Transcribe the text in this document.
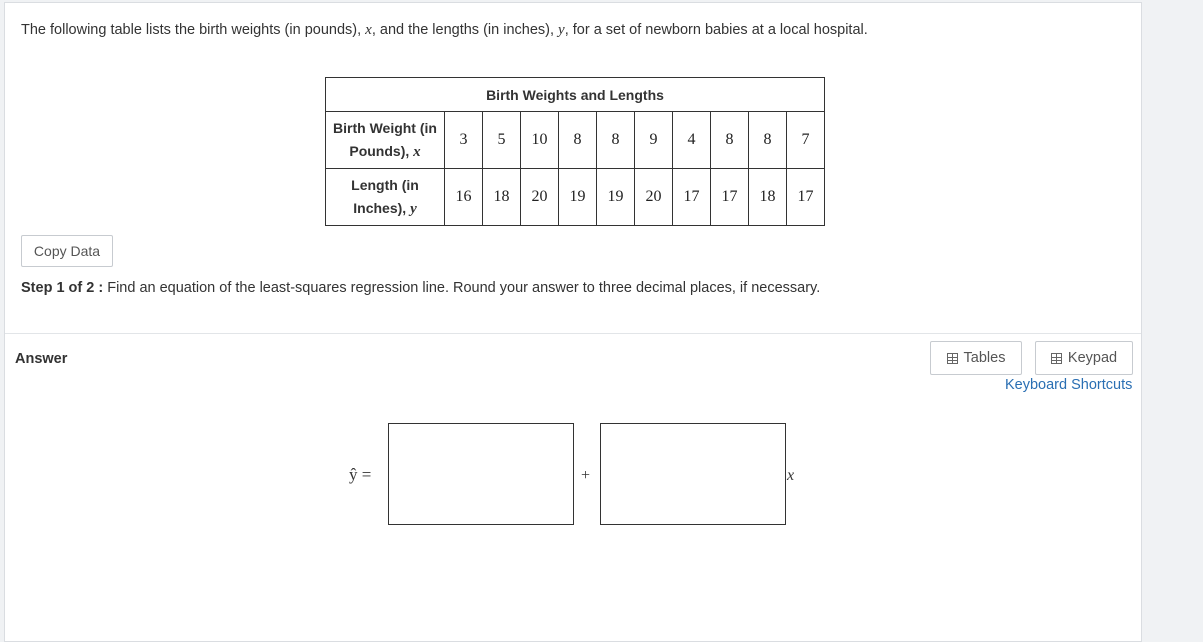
The following table lists the birth weights (in pounds), x, and the lengths (in inches), y, for a set of newborn babies at a local hospital.
Birth Weights and Lengths										
Birth Weight (in Pounds), x	3	5	10	8	8	9	4	8	8	7
Length (in Inches), y	16	18	20	19	19	20	17	17	18	17
Copy Data
Step 1 of 2 : Find an equation of the least-squares regression line. Round your answer to three decimal places, if necessary.
Answer	Tables	Keypad
Keyboard Shortcuts
ŷ =	+	x
